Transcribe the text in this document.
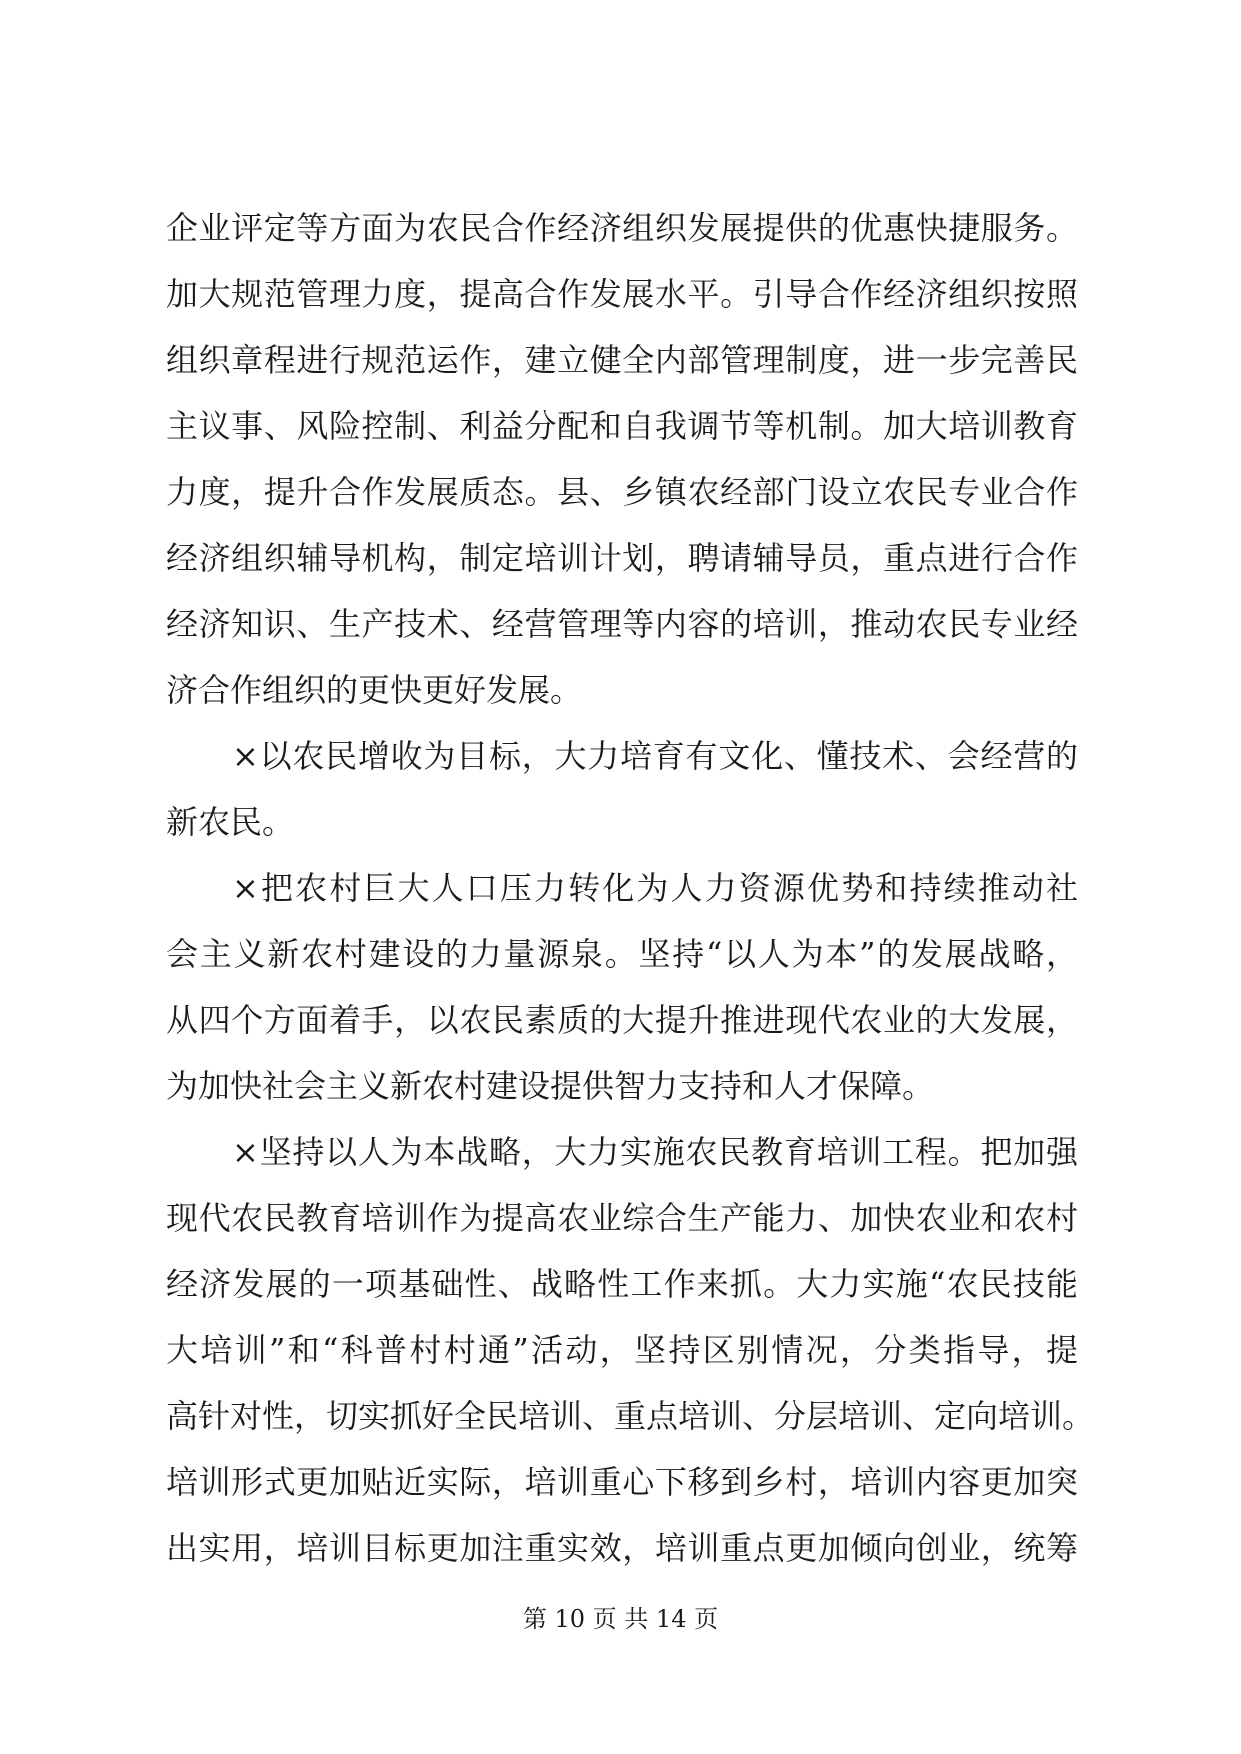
企业评定等方面为农民合作经济组织发展提供的优惠快捷服务。
加大规范管理力度，提高合作发展水平。引导合作经济组织按照
组织章程进行规范运作，建立健全内部管理制度，进一步完善民
主议事、风险控制、利益分配和自我调节等机制。加大培训教育
力度，提升合作发展质态。县、乡镇农经部门设立农民专业合作
经济组织辅导机构，制定培训计划，聘请辅导员，重点进行合作
经济知识、生产技术、经营管理等内容的培训，推动农民专业经
济合作组织的更快更好发展。
×以农民增收为目标，大力培育有文化、懂技术、会经营的
新农民。
×把农村巨大人口压力转化为人力资源优势和持续推动社
会主义新农村建设的力量源泉。坚持“以人为本”的发展战略，
从四个方面着手，以农民素质的大提升推进现代农业的大发展，
为加快社会主义新农村建设提供智力支持和人才保障。
×坚持以人为本战略，大力实施农民教育培训工程。把加强
现代农民教育培训作为提高农业综合生产能力、加快农业和农村
经济发展的一项基础性、战略性工作来抓。大力实施“农民技能
大培训”和“科普村村通”活动，坚持区别情况，分类指导，提
高针对性，切实抓好全民培训、重点培训、分层培训、定向培训。
培训形式更加贴近实际，培训重心下移到乡村，培训内容更加突
出实用，培训目标更加注重实效，培训重点更加倾向创业，统筹
第 10 页 共 14 页
